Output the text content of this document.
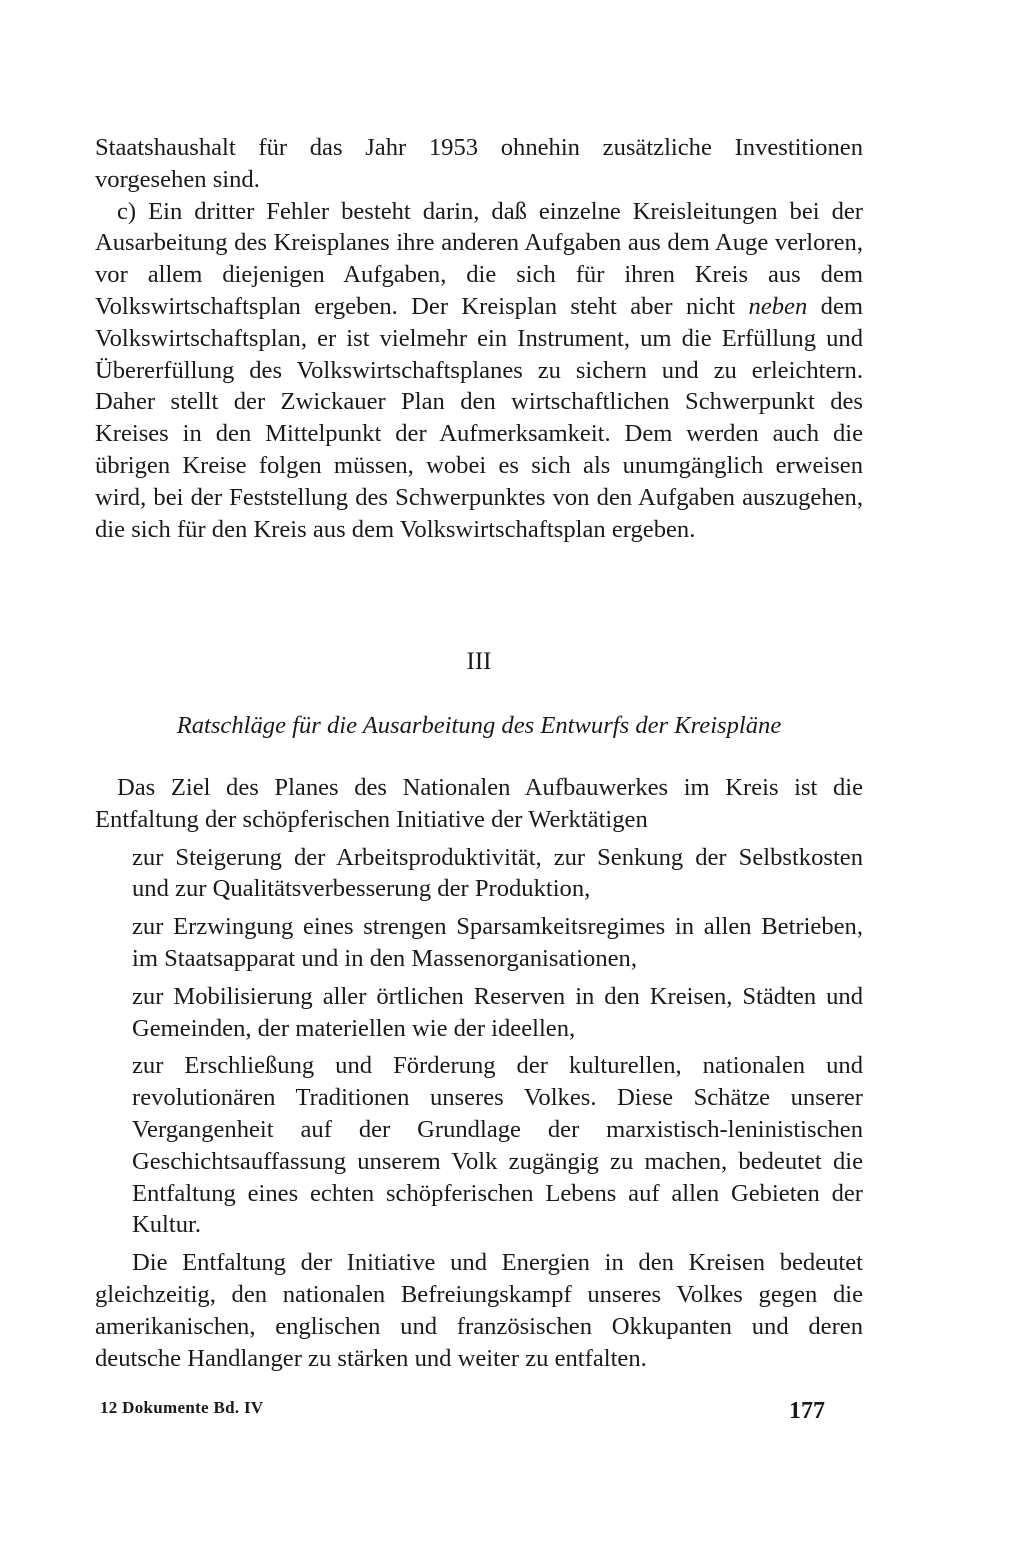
Staatshaushalt für das Jahr 1953 ohnehin zusätzliche Investitionen vorgesehen sind.

c) Ein dritter Fehler besteht darin, daß einzelne Kreisleitungen bei der Ausarbeitung des Kreisplanes ihre anderen Aufgaben aus dem Auge verloren, vor allem diejenigen Aufgaben, die sich für ihren Kreis aus dem Volkswirtschaftsplan ergeben. Der Kreisplan steht aber nicht neben dem Volkswirtschaftsplan, er ist vielmehr ein Instrument, um die Erfüllung und Übererfüllung des Volkswirtschaftsplanes zu sichern und zu erleichtern. Daher stellt der Zwickauer Plan den wirtschaftlichen Schwerpunkt des Kreises in den Mittelpunkt der Aufmerksamkeit. Dem werden auch die übrigen Kreise folgen müssen, wobei es sich als unumgänglich erweisen wird, bei der Feststellung des Schwerpunktes von den Aufgaben auszugehen, die sich für den Kreis aus dem Volkswirtschaftsplan ergeben.

III
Ratschläge für die Ausarbeitung des Entwurfs der Kreispläne

Das Ziel des Planes des Nationalen Aufbauwerkes im Kreis ist die Entfaltung der schöpferischen Initiative der Werktätigen

zur Steigerung der Arbeitsproduktivität, zur Senkung der Selbstkosten und zur Qualitätsverbesserung der Produktion,

zur Erzwingung eines strengen Sparsamkeitsregimes in allen Betrieben, im Staatsapparat und in den Massenorganisationen,

zur Mobilisierung aller örtlichen Reserven in den Kreisen, Städten und Gemeinden, der materiellen wie der ideellen,

zur Erschließung und Förderung der kulturellen, nationalen und revolutionären Traditionen unseres Volkes. Diese Schätze unserer Vergangenheit auf der Grundlage der marxistisch-leninistischen Geschichtsauffassung unserem Volk zugängig zu machen, bedeutet die Entfaltung eines echten schöpferischen Lebens auf allen Gebieten der Kultur.

Die Entfaltung der Initiative und Energien in den Kreisen bedeutet gleichzeitig, den nationalen Befreiungskampf unseres Volkes gegen die amerikanischen, englischen und französischen Okkupanten und deren deutsche Handlanger zu stärken und weiter zu entfalten.

12 Dokumente Bd. IV	177
